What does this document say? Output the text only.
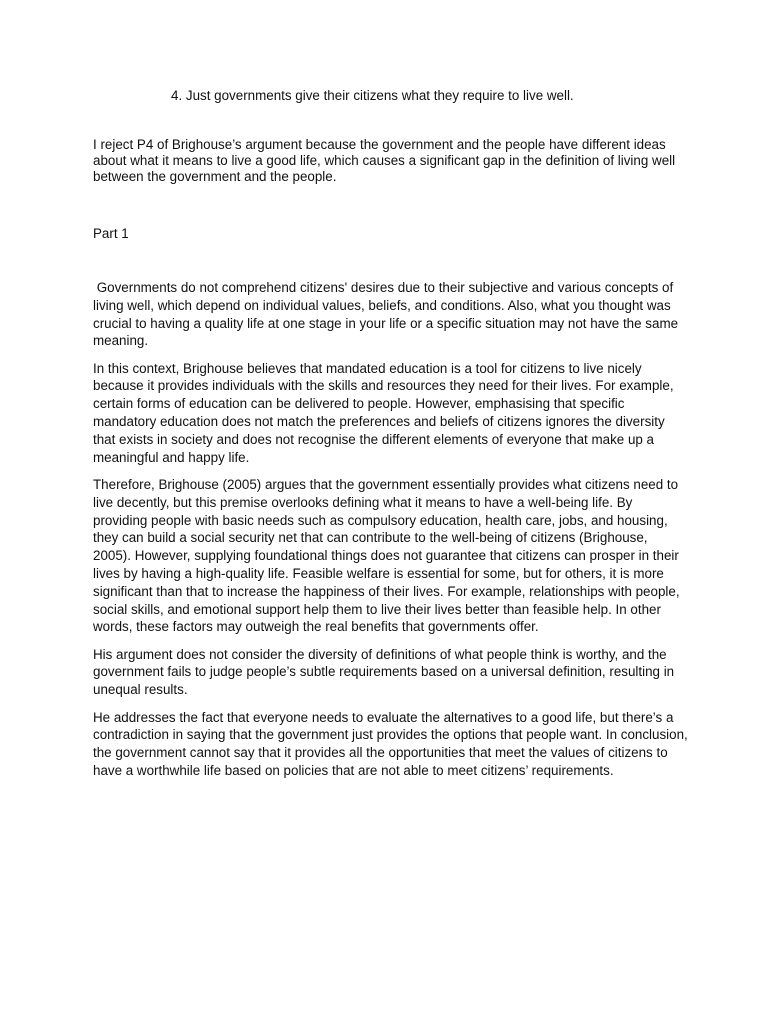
4. Just governments give their citizens what they require to live well.
I reject P4 of Brighouse’s argument because the government and the people have different ideas about what it means to live a good life, which causes a significant gap in the definition of living well between the government and the people.
Part 1

Governments do not comprehend citizens' desires due to their subjective and various concepts of living well, which depend on individual values, beliefs, and conditions. Also, what you thought was crucial to having a quality life at one stage in your life or a specific situation may not have the same meaning.

In this context, Brighouse believes that mandated education is a tool for citizens to live nicely because it provides individuals with the skills and resources they need for their lives. For example, certain forms of education can be delivered to people. However, emphasising that specific mandatory education does not match the preferences and beliefs of citizens ignores the diversity that exists in society and does not recognise the different elements of everyone that make up a meaningful and happy life.

Therefore, Brighouse (2005) argues that the government essentially provides what citizens need to live decently, but this premise overlooks defining what it means to have a well-being life. By providing people with basic needs such as compulsory education, health care, jobs, and housing, they can build a social security net that can contribute to the well-being of citizens (Brighouse, 2005). However, supplying foundational things does not guarantee that citizens can prosper in their lives by having a high-quality life. Feasible welfare is essential for some, but for others, it is more significant than that to increase the happiness of their lives. For example, relationships with people, social skills, and emotional support help them to live their lives better than feasible help. In other words, these factors may outweigh the real benefits that governments offer.

His argument does not consider the diversity of definitions of what people think is worthy, and the government fails to judge people’s subtle requirements based on a universal definition, resulting in unequal results.

He addresses the fact that everyone needs to evaluate the alternatives to a good life, but there’s a contradiction in saying that the government just provides the options that people want. In conclusion, the government cannot say that it provides all the opportunities that meet the values of citizens to have a worthwhile life based on policies that are not able to meet citizens’ requirements.
